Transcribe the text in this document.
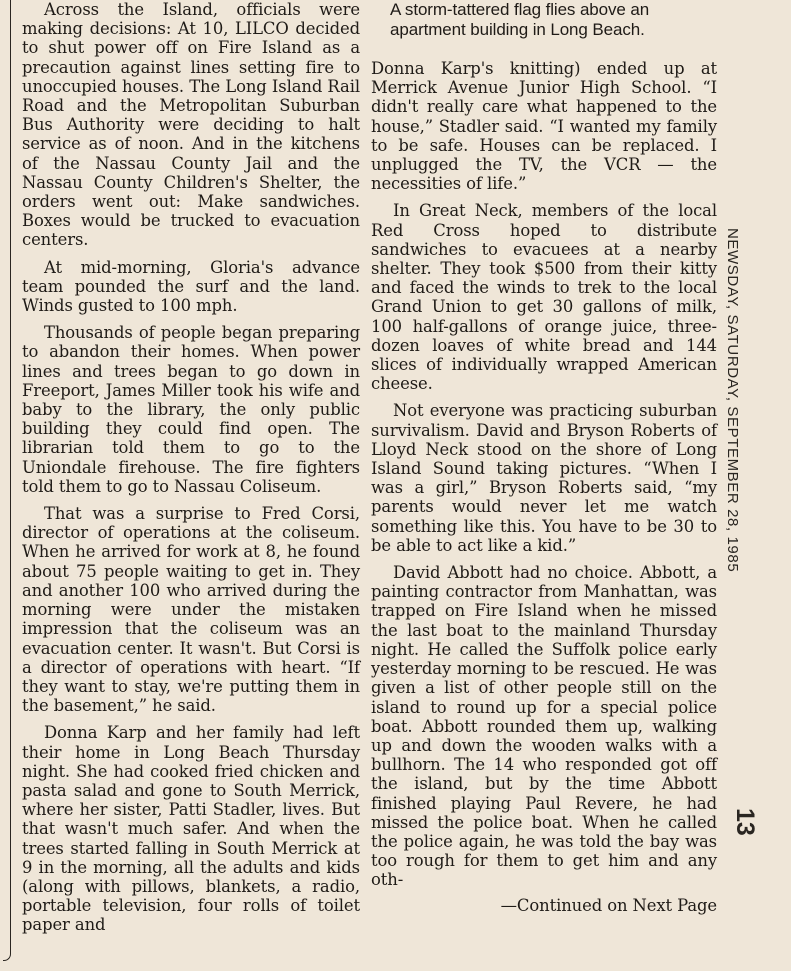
Across the Island, officials were making decisions: At 10, LILCO decided to shut power off on Fire Island as a precaution against lines setting fire to unoccupied houses. The Long Island Rail Road and the Metropolitan Suburban Bus Authority were deciding to halt service as of noon. And in the kitchens of the Nassau County Jail and the Nassau County Children's Shelter, the orders went out: Make sandwiches. Boxes would be trucked to evacuation centers.

At mid-morning, Gloria's advance team pounded the surf and the land. Winds gusted to 100 mph.

Thousands of people began preparing to abandon their homes. When power lines and trees began to go down in Freeport, James Miller took his wife and baby to the library, the only public building they could find open. The librarian told them to go to the Uniondale firehouse. The fire fighters told them to go to Nassau Coliseum.

That was a surprise to Fred Corsi, director of operations at the coliseum. When he arrived for work at 8, he found about 75 people waiting to get in. They and another 100 who arrived during the morning were under the mistaken impression that the coliseum was an evacuation center. It wasn't. But Corsi is a director of operations with heart. “If they want to stay, we're putting them in the basement,” he said.

Donna Karp and her family had left their home in Long Beach Thursday night. She had cooked fried chicken and pasta salad and gone to South Merrick, where her sister, Patti Stadler, lives. But that wasn't much safer. And when the trees started falling in South Merrick at 9 in the morning, all the adults and kids (along with pillows, blankets, a radio, portable television, four rolls of toilet paper and

A storm-tattered flag flies above an apartment building in Long Beach.

Donna Karp's knitting) ended up at Merrick Avenue Junior High School. “I didn't really care what happened to the house,” Stadler said. “I wanted my family to be safe. Houses can be replaced. I unplugged the TV, the VCR — the necessities of life.”

In Great Neck, members of the local Red Cross hoped to distribute sandwiches to evacuees at a nearby shelter. They took $500 from their kitty and faced the winds to trek to the local Grand Union to get 30 gallons of milk, 100 half-gallons of orange juice, three-dozen loaves of white bread and 144 slices of individually wrapped American cheese.

Not everyone was practicing suburban survivalism. David and Bryson Roberts of Lloyd Neck stood on the shore of Long Island Sound taking pictures. “When I was a girl,” Bryson Roberts said, “my parents would never let me watch something like this. You have to be 30 to be able to act like a kid.”

David Abbott had no choice. Abbott, a painting contractor from Manhattan, was trapped on Fire Island when he missed the last boat to the mainland Thursday night. He called the Suffolk police early yesterday morning to be rescued. He was given a list of other people still on the island to round up for a special police boat. Abbott rounded them up, walking up and down the wooden walks with a bullhorn. The 14 who responded got off the island, but by the time Abbott finished playing Paul Revere, he had missed the police boat. When he called the police again, he was told the bay was too rough for them to get him and any oth-

—Continued on Next Page

NEWSDAY, SATURDAY, SEPTEMBER 28, 1985
13
